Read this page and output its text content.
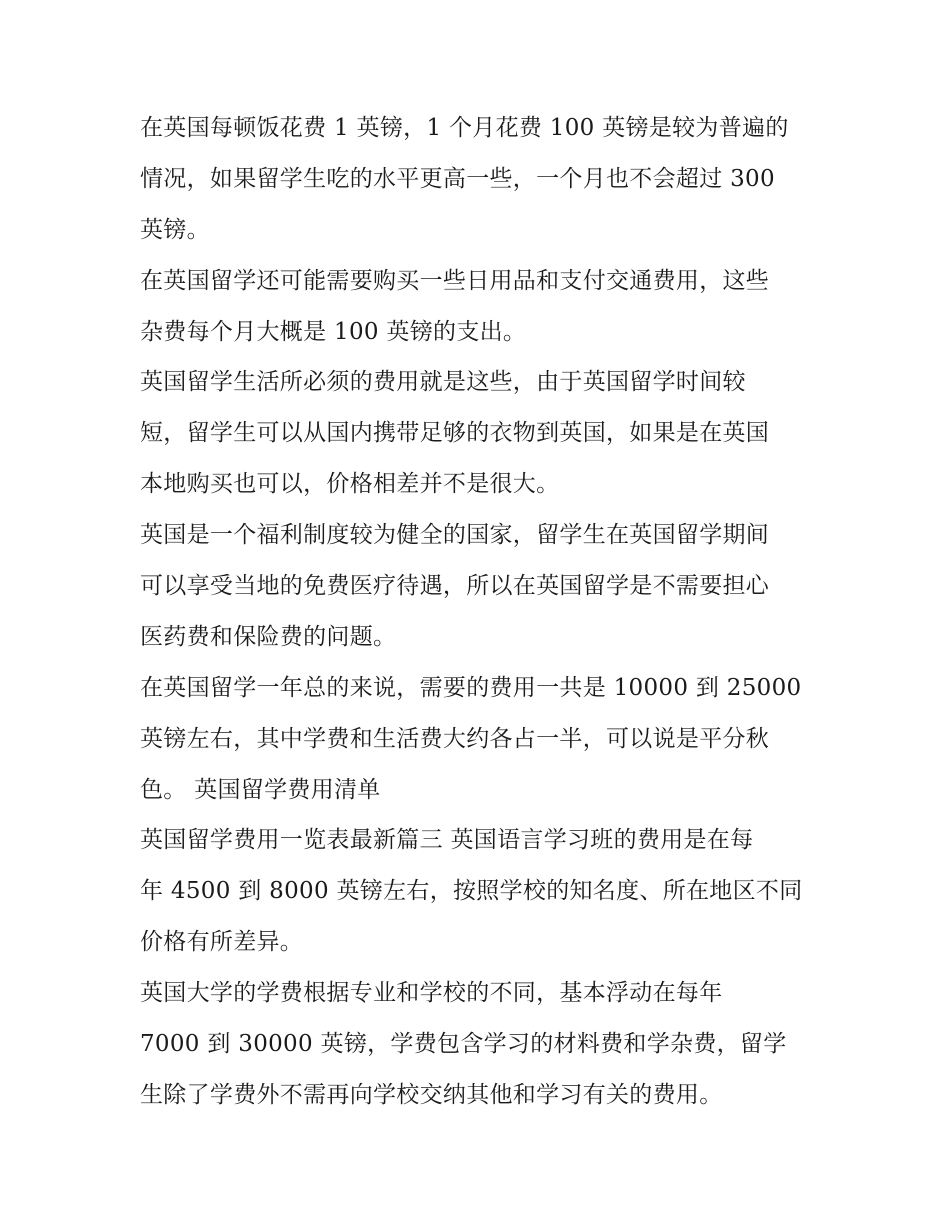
在英国每顿饭花费 1 英镑，1 个月花费 100 英镑是较为普遍的
情况，如果留学生吃的水平更高一些，一个月也不会超过 300
英镑。
在英国留学还可能需要购买一些日用品和支付交通费用，这些
杂费每个月大概是 100 英镑的支出。
英国留学生活所必须的费用就是这些，由于英国留学时间较
短，留学生可以从国内携带足够的衣物到英国，如果是在英国
本地购买也可以，价格相差并不是很大。
英国是一个福利制度较为健全的国家，留学生在英国留学期间
可以享受当地的免费医疗待遇，所以在英国留学是不需要担心
医药费和保险费的问题。
在英国留学一年总的来说，需要的费用一共是 10000 到 25000
英镑左右，其中学费和生活费大约各占一半，可以说是平分秋
色。 英国留学费用清单
英国留学费用一览表最新篇三 英国语言学习班的费用是在每
年 4500 到 8000 英镑左右，按照学校的知名度、所在地区不同
价格有所差异。
英国大学的学费根据专业和学校的不同，基本浮动在每年
7000 到 30000 英镑，学费包含学习的材料费和学杂费，留学
生除了学费外不需再向学校交纳其他和学习有关的费用。
